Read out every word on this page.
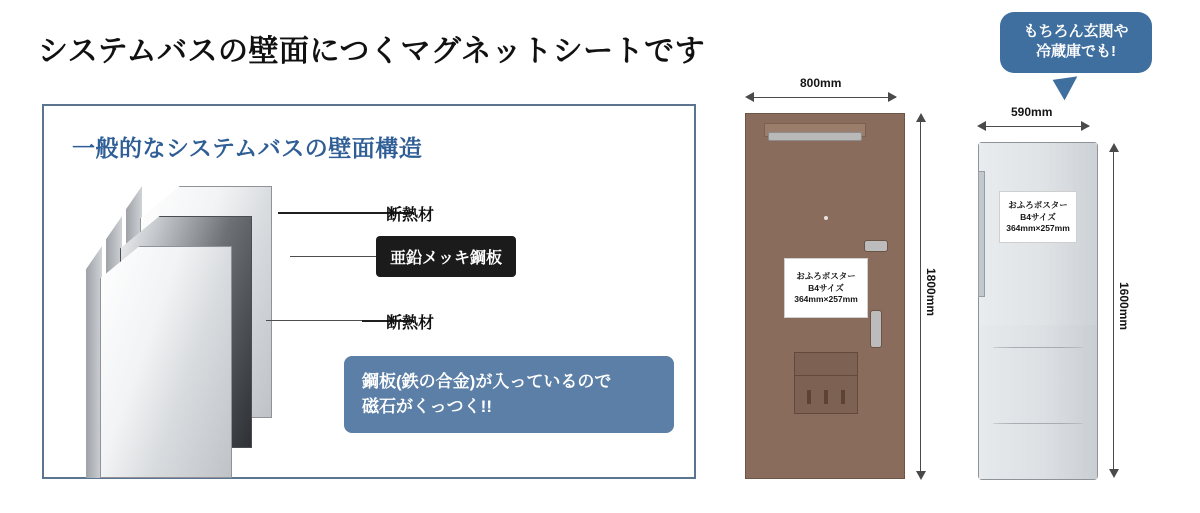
システムバスの壁面につくマグネットシートです
一般的なシステムバスの壁面構造
断熱材
亜鉛メッキ鋼板
断熱材
鋼板(鉄の合金)が入っているので
磁石がくっつく!!
おふろポスター
B4サイズ
364mm×257mm
800mm
1800mm
おふろポスター
B4サイズ
364mm×257mm
590mm
1600mm
もちろん玄関や
冷蔵庫でも!
